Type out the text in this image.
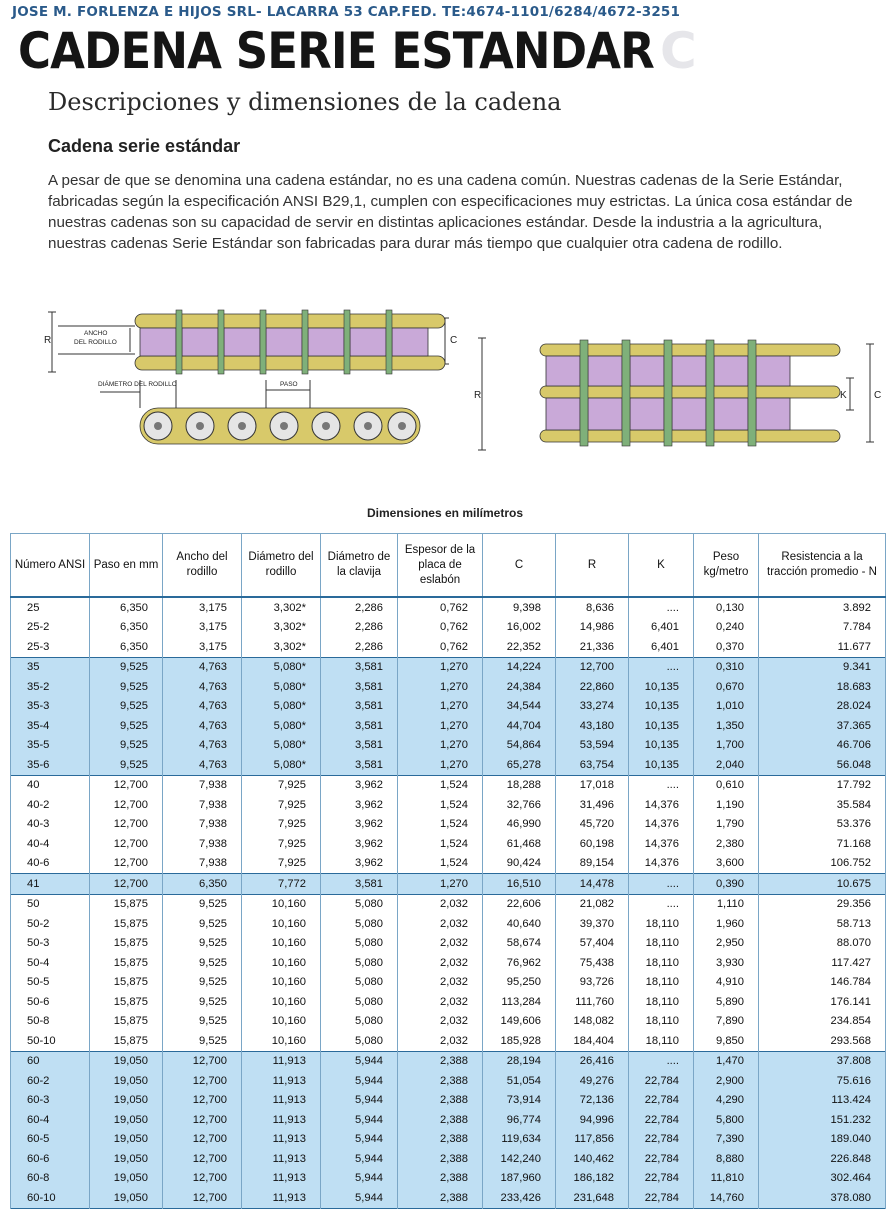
C
JOSE M. FORLENZA E HIJOS SRL- LACARRA 53 CAP.FED. TE:4674-1101/6284/4672-3251
CADENA SERIE ESTANDAR
Descripciones y dimensiones de la cadena
Cadena serie estándar
A pesar de que se denomina una cadena estándar, no es una cadena común. Nuestras cadenas de la Serie Estándar, fabricadas según la especificación ANSI B29,1, cumplen con especificaciones muy estrictas. La única cosa estándar de nuestras cadenas son su capacidad de servir en distintas aplicaciones estándar. Desde la industria a la agricultura, nuestras cadenas Serie Estándar son fabricadas para durar más tiempo que cualquier otra cadena de rodillo.
R	C
ANCHO
DEL RODILLO
DIÁMETRO DEL RODILLO	PASO
R	K	C
Dimensiones en milímetros
Número ANSI	Paso en mm	Ancho del rodillo	Diámetro del rodillo	Diámetro de la clavija	Espesor de la placa de eslabón	C	R	K	Peso kg/metro	Resistencia a la tracción promedio - N
25	6,350	3,175	3,302*	2,286	0,762	9,398	8,636	....	0,130	3.892
25-2	6,350	3,175	3,302*	2,286	0,762	16,002	14,986	6,401	0,240	7.784
25-3	6,350	3,175	3,302*	2,286	0,762	22,352	21,336	6,401	0,370	11.677
35	9,525	4,763	5,080*	3,581	1,270	14,224	12,700	....	0,310	9.341
35-2	9,525	4,763	5,080*	3,581	1,270	24,384	22,860	10,135	0,670	18.683
35-3	9,525	4,763	5,080*	3,581	1,270	34,544	33,274	10,135	1,010	28.024
35-4	9,525	4,763	5,080*	3,581	1,270	44,704	43,180	10,135	1,350	37.365
35-5	9,525	4,763	5,080*	3,581	1,270	54,864	53,594	10,135	1,700	46.706
35-6	9,525	4,763	5,080*	3,581	1,270	65,278	63,754	10,135	2,040	56.048
40	12,700	7,938	7,925	3,962	1,524	18,288	17,018	....	0,610	17.792
40-2	12,700	7,938	7,925	3,962	1,524	32,766	31,496	14,376	1,190	35.584
40-3	12,700	7,938	7,925	3,962	1,524	46,990	45,720	14,376	1,790	53.376
40-4	12,700	7,938	7,925	3,962	1,524	61,468	60,198	14,376	2,380	71.168
40-6	12,700	7,938	7,925	3,962	1,524	90,424	89,154	14,376	3,600	106.752
41	12,700	6,350	7,772	3,581	1,270	16,510	14,478	....	0,390	10.675
50	15,875	9,525	10,160	5,080	2,032	22,606	21,082	....	1,110	29.356
50-2	15,875	9,525	10,160	5,080	2,032	40,640	39,370	18,110	1,960	58.713
50-3	15,875	9,525	10,160	5,080	2,032	58,674	57,404	18,110	2,950	88.070
50-4	15,875	9,525	10,160	5,080	2,032	76,962	75,438	18,110	3,930	117.427
50-5	15,875	9,525	10,160	5,080	2,032	95,250	93,726	18,110	4,910	146.784
50-6	15,875	9,525	10,160	5,080	2,032	113,284	111,760	18,110	5,890	176.141
50-8	15,875	9,525	10,160	5,080	2,032	149,606	148,082	18,110	7,890	234.854
50-10	15,875	9,525	10,160	5,080	2,032	185,928	184,404	18,110	9,850	293.568
60	19,050	12,700	11,913	5,944	2,388	28,194	26,416	....	1,470	37.808
60-2	19,050	12,700	11,913	5,944	2,388	51,054	49,276	22,784	2,900	75.616
60-3	19,050	12,700	11,913	5,944	2,388	73,914	72,136	22,784	4,290	113.424
60-4	19,050	12,700	11,913	5,944	2,388	96,774	94,996	22,784	5,800	151.232
60-5	19,050	12,700	11,913	5,944	2,388	119,634	117,856	22,784	7,390	189.040
60-6	19,050	12,700	11,913	5,944	2,388	142,240	140,462	22,784	8,880	226.848
60-8	19,050	12,700	11,913	5,944	2,388	187,960	186,182	22,784	11,810	302.464
60-10	19,050	12,700	11,913	5,944	2,388	233,426	231,648	22,784	14,760	378.080
